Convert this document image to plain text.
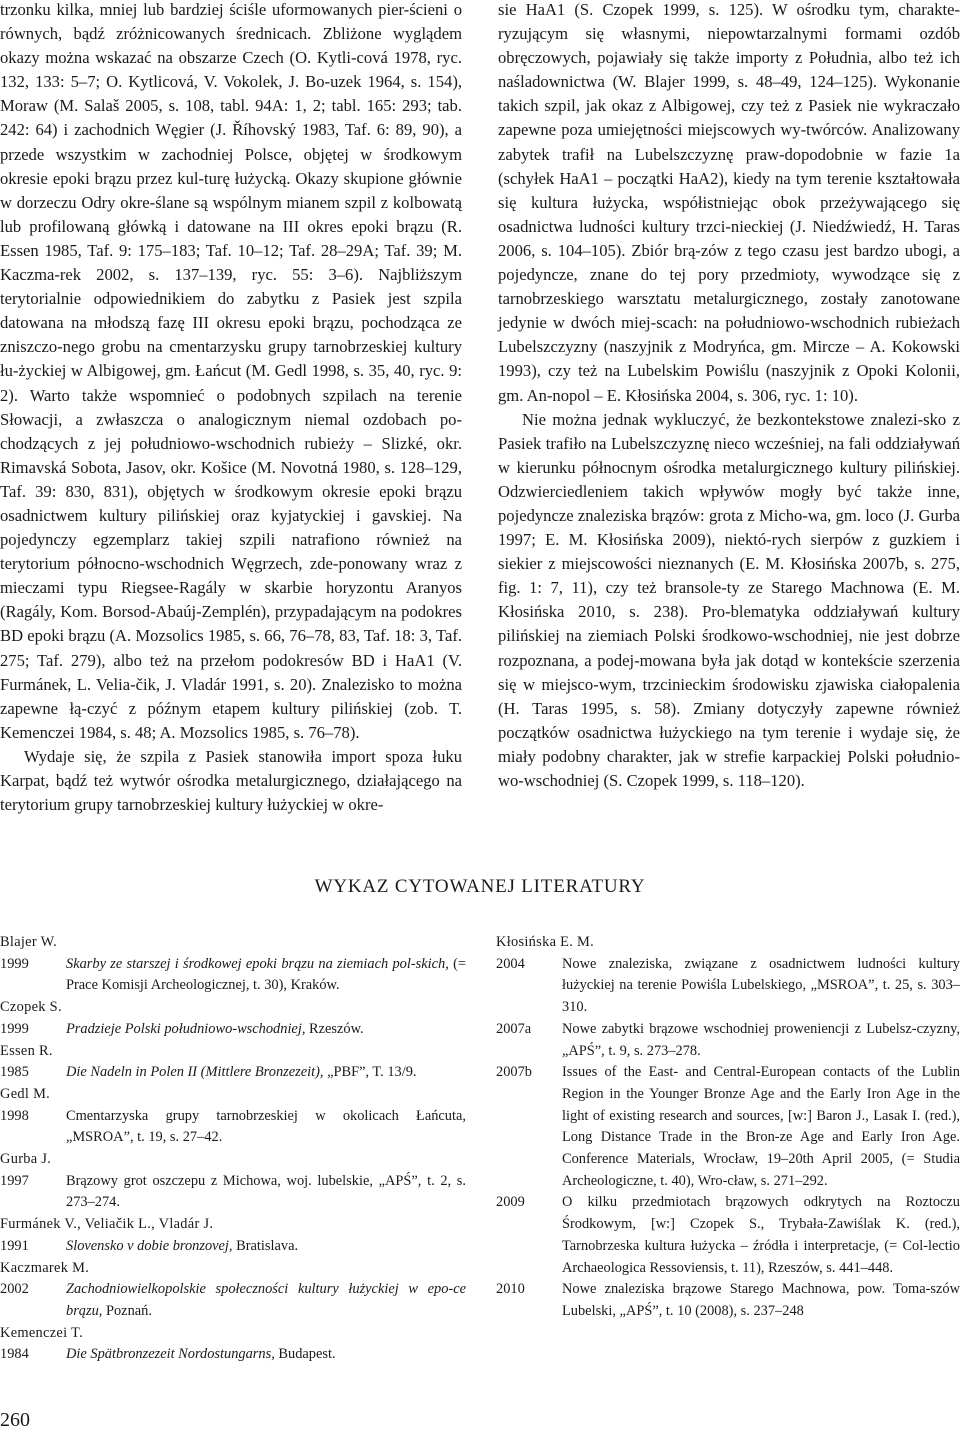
trzonku kilka, mniej lub bardziej ściśle uformowanych pier-ścieni o równych, bądź zróżnicowanych średnicach. Zbliżone wyglądem okazy można wskazać na obszarze Czech (O. Kytli-cová 1978, ryc. 132, 133: 5–7; O. Kytlicová, V. Vokolek, J. Bo-uzek 1964, s. 154), Moraw (M. Salaš 2005, s. 108, tabl. 94A: 1, 2; tabl. 165: 293; tab. 242: 64) i zachodnich Węgier (J. Říhovský 1983, Taf. 6: 89, 90), a przede wszystkim w zachodniej Polsce, objętej w środkowym okresie epoki brązu przez kul-turę łużycką. Okazy skupione głównie w dorzeczu Odry okre-ślane są wspólnym mianem szpil z kolbowatą lub profilowaną główką i datowane na III okres epoki brązu (R. Essen 1985, Taf. 9: 175–183; Taf. 10–12; Taf. 28–29A; Taf. 39; M. Kaczma-rek 2002, s. 137–139, ryc. 55: 3–6). Najbliższym terytorialnie odpowiednikiem do zabytku z Pasiek jest szpila datowana na młodszą fazę III okresu epoki brązu, pochodząca ze zniszczo-nego grobu na cmentarzysku grupy tarnobrzeskiej kultury łu-życkiej w Albigowej, gm. Łańcut (M. Gedl 1998, s. 35, 40, ryc. 9: 2). Warto także wspomnieć o podobnych szpilach na terenie Słowacji, a zwłaszcza o analogicznym niemal ozdobach po-chodzących z jej południowo-wschodnich rubieży – Slizké, okr. Rimavská Sobota, Jasov, okr. Košice (M. Novotná 1980, s. 128–129, Taf. 39: 830, 831), objętych w środkowym okresie epoki brązu osadnictwem kultury pilińskiej oraz kyjatyckiej i gavskiej. Na pojedynczy egzemplarz takiej szpili natrafiono również na terytorium północno-wschodnich Węgrzech, zde-ponowany wraz z mieczami typu Riegsee-Ragály w skarbie horyzontu Aranyos (Ragály, Kom. Borsod-Abaúj-Zemplén), przypadającym na podokres BD epoki brązu (A. Mozsolics 1985, s. 66, 76–78, 83, Taf. 18: 3, Taf. 275; Taf. 279), albo też na przełom podokresów BD i HaA1 (V. Furmánek, L. Velia-čik, J. Vladár 1991, s. 20). Znalezisko to można zapewne łą-czyć z późnym etapem kultury pilińskiej (zob. T. Kemenczei 1984, s. 48; A. Mozsolics 1985, s. 76–78).

Wydaje się, że szpila z Pasiek stanowiła import spoza łuku Karpat, bądź też wytwór ośrodka metalurgicznego, działającego na terytorium grupy tarnobrzeskiej kultury łużyckiej w okre-

sie HaA1 (S. Czopek 1999, s. 125). W ośrodku tym, charakte-ryzującym się własnymi, niepowtarzalnymi formami ozdób obręczowych, pojawiały się także importy z Południa, albo też ich naśladownictwa (W. Blajer 1999, s. 48–49, 124–125). Wykonanie takich szpil, jak okaz z Albigowej, czy też z Pasiek nie wykraczało zapewne poza umiejętności miejscowych wy-twórców. Analizowany zabytek trafił na Lubelszczyznę praw-dopodobnie w fazie 1a (schyłek HaA1 – początki HaA2), kiedy na tym terenie kształtowała się kultura łużycka, współistniejąc obok przeżywającego się osadnictwa ludności kultury trzci-nieckiej (J. Niedźwiedź, H. Taras 2006, s. 104–105). Zbiór brą-zów z tego czasu jest bardzo ubogi, a pojedyncze, znane do tej pory przedmioty, wywodzące się z tarnobrzeskiego warsztatu metalurgicznego, zostały zanotowane jedynie w dwóch miej-scach: na południowo-wschodnich rubieżach Lubelszczyzny (naszyjnik z Modryńca, gm. Mircze – A. Kokowski 1993), czy też na Lubelskim Powiślu (naszyjnik z Opoki Kolonii, gm. An-nopol – E. Kłosińska 2004, s. 306, ryc. 1: 10).

Nie można jednak wykluczyć, że bezkontekstowe znalezi-sko z Pasiek trafiło na Lubelszczyznę nieco wcześniej, na fali oddziaływań w kierunku północnym ośrodka metalurgicznego kultury pilińskiej. Odzwierciedleniem takich wpływów mogły być także inne, pojedyncze znaleziska brązów: grota z Micho-wa, gm. loco (J. Gurba 1997; E. M. Kłosińska 2009), niektó-rych sierpów z guzkiem i siekier z miejscowości nieznanych (E. M. Kłosińska 2007b, s. 275, fig. 1: 7, 11), czy też bransole-ty ze Starego Machnowa (E. M. Kłosińska 2010, s. 238). Pro-blematyka oddziaływań kultury pilińskiej na ziemiach Polski środkowo-wschodniej, nie jest dobrze rozpoznana, a podej-mowana była jak dotąd w kontekście szerzenia się w miejsco-wym, trzcinieckim środowisku zjawiska ciałopalenia (H. Taras 1995, s. 58). Zmiany dotyczyły zapewne również początków osadnictwa łużyckiego na tym terenie i wydaje się, że miały podobny charakter, jak w strefie karpackiej Polski południo-wo-wschodniej (S. Czopek 1999, s. 118–120).

WYKAZ CYTOWANEJ LITERATURY
Blajer W.
1999	Skarby ze starszej i środkowej epoki brązu na ziemiach pol-skich, (= Prace Komisji Archeologicznej, t. 30), Kraków.
Czopek S.
1999	Pradzieje Polski południowo-wschodniej, Rzeszów.
Essen R.
1985	Die Nadeln in Polen II (Mittlere Bronzezeit), „PBF”, T. 13/9.
Gedl M.
1998	Cmentarzyska grupy tarnobrzeskiej w okolicach Łańcuta, „MSROA”, t. 19, s. 27–42.
Gurba J.
1997	Brązowy grot oszczepu z Michowa, woj. lubelskie, „APŚ”, t. 2, s. 273–274.
Furmánek V., Veliačik L., Vladár J.
1991	Slovensko v dobie bronzovej, Bratislava.
Kaczmarek M.
2002	Zachodniowielkopolskie społeczności kultury łużyckiej w epo-ce brązu, Poznań.
Kemenczei T.
1984	Die Spätbronzezeit Nordostungarns, Budapest.
Kłosińska E. M.
2004	Nowe znaleziska, związane z osadnictwem ludności kultury łużyckiej na terenie Powiśla Lubelskiego, „MSROA”, t. 25, s. 303–310.
2007a	Nowe zabytki brązowe wschodniej proweniencji z Lubelsz-czyzny, „APŚ”, t. 9, s. 273–278.
2007b	Issues of the East- and Central-European contacts of the Lublin Region in the Younger Bronze Age and the Early Iron Age in the light of existing research and sources, [w:] Baron J., Lasak I. (red.), Long Distance Trade in the Bron-ze Age and Early Iron Age. Conference Materials, Wrocław, 19–20th April 2005, (= Studia Archeologiczne, t. 40), Wro-cław, s. 271–292.
2009	O kilku przedmiotach brązowych odkrytych na Roztoczu Środkowym, [w:] Czopek S., Trybała-Zawiślak K. (red.), Tarnobrzeska kultura łużycka – źródła i interpretacje, (= Col-lectio Archaeologica Ressoviensis, t. 11), Rzeszów, s. 441–448.
2010	Nowe znaleziska brązowe Starego Machnowa, pow. Toma-szów Lubelski, „APŚ”, t. 10 (2008), s. 237–248
260
